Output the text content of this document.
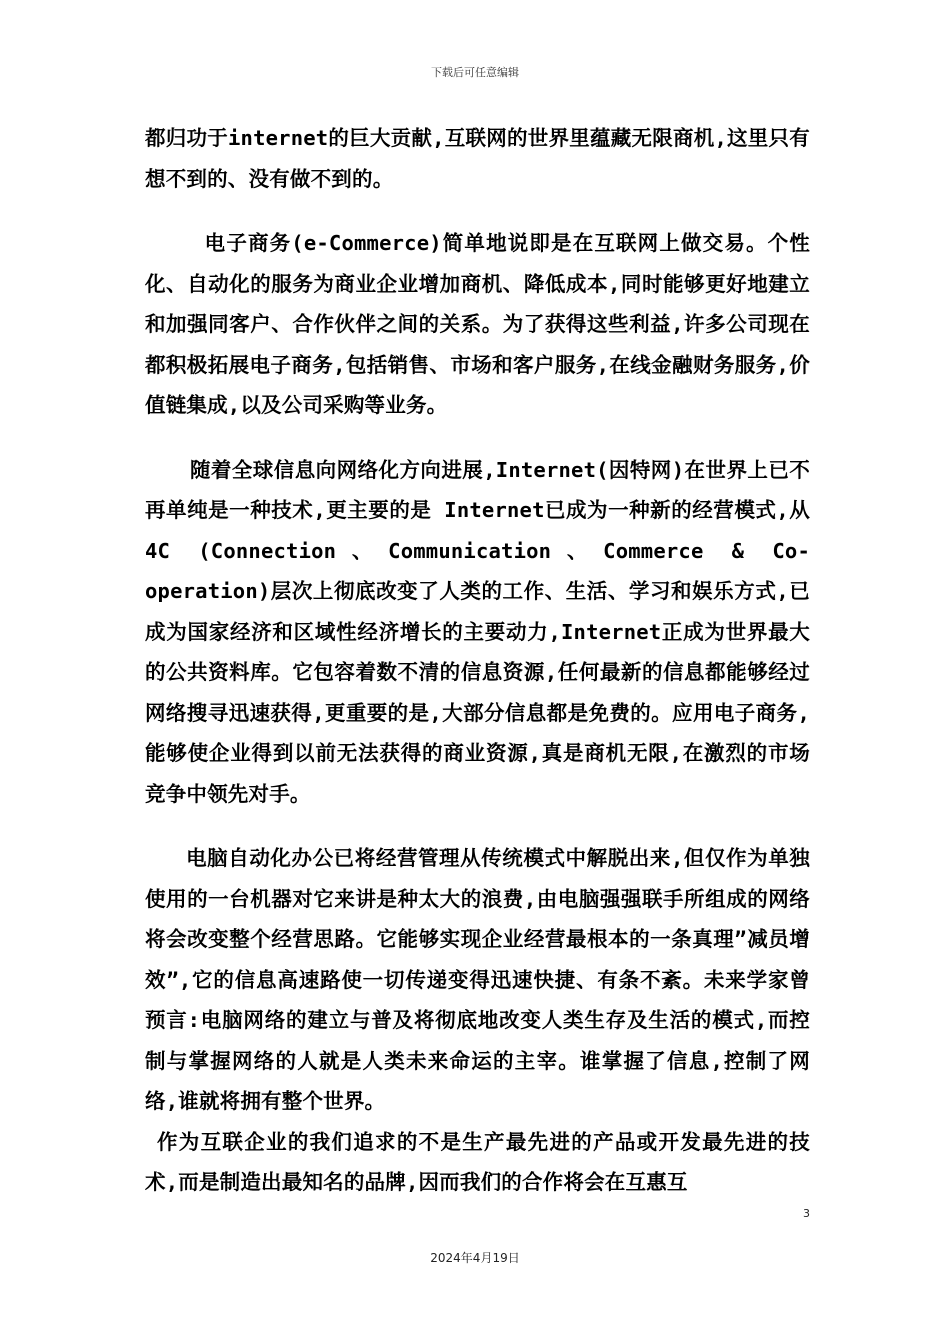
下载后可任意编辑

都归功于internet的巨大贡献,互联网的世界里蕴藏无限商机,这里只有想不到的、没有做不到的。

　电子商务(e-Commerce)简单地说即是在互联网上做交易。个性化、自动化的服务为商业企业增加商机、降低成本,同时能够更好地建立和加强同客户、合作伙伴之间的关系。为了获得这些利益,许多公司现在都积极拓展电子商务,包括销售、市场和客户服务,在线金融财务服务,价值链集成,以及公司采购等业务。

　随着全球信息向网络化方向进展,Internet(因特网)在世界上已不再单纯是一种技术,更主要的是 Internet已成为一种新的经营模式,从4C (Connection、Communication、Commerce & Co-operation)层次上彻底改变了人类的工作、生活、学习和娱乐方式,已成为国家经济和区域性经济增长的主要动力,Internet正成为世界最大的公共资料库。它包容着数不清的信息资源,任何最新的信息都能够经过网络搜寻迅速获得,更重要的是,大部分信息都是免费的。应用电子商务,能够使企业得到以前无法获得的商业资源,真是商机无限,在激烈的市场竞争中领先对手。

　电脑自动化办公已将经营管理从传统模式中解脱出来,但仅作为单独使用的一台机器对它来讲是种太大的浪费,由电脑强强联手所组成的网络将会改变整个经营思路。它能够实现企业经营最根本的一条真理”减员增效”,它的信息高速路使一切传递变得迅速快捷、有条不紊。未来学家曾预言:电脑网络的建立与普及将彻底地改变人类生存及生活的模式,而控制与掌握网络的人就是人类未来命运的主宰。谁掌握了信息,控制了网络,谁就将拥有整个世界。

作为互联企业的我们追求的不是生产最先进的产品或开发最先进的技术,而是制造出最知名的品牌,因而我们的合作将会在互惠互

3
2024年4月19日
